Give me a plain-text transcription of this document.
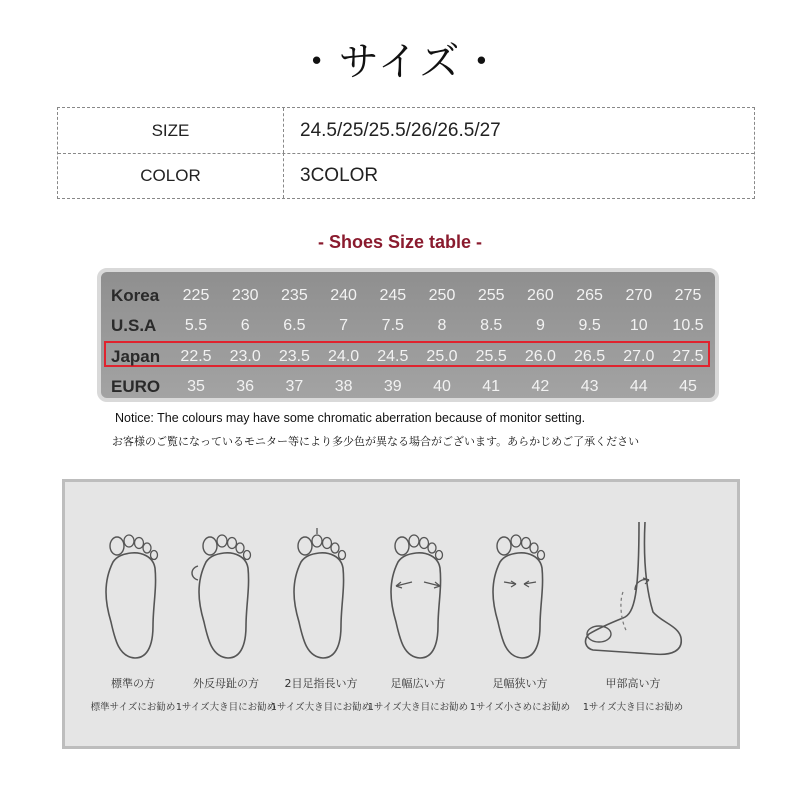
・サイズ・
SIZE	24.5/25/25.5/26/26.5/27
COLOR	3COLOR
- Shoes Size table -
Korea	225	230	235	240	245	250	255	260	265	270	275
U.S.A	5.5	6	6.5	7	7.5	8	8.5	9	9.5	10	10.5
Japan	22.5	23.0	23.5	24.0	24.5	25.0	25.5	26.0	26.5	27.0	27.5
EURO	35	36	37	38	39	40	41	42	43	44	45
Notice: The colours may have some chromatic aberration because of monitor setting.
お客様のご覧になっているモニター等により多少色が異なる場合がございます。あらかじめご了承ください
標準の方
標準サイズにお勧め
外反母趾の方
1サイズ大き目にお勧め
2目足指長い方
1サイズ大き目にお勧め
足幅広い方
1サイズ大き目にお勧め
足幅狭い方
1サイズ小さめにお勧め
甲部高い方
1サイズ大き目にお勧め
